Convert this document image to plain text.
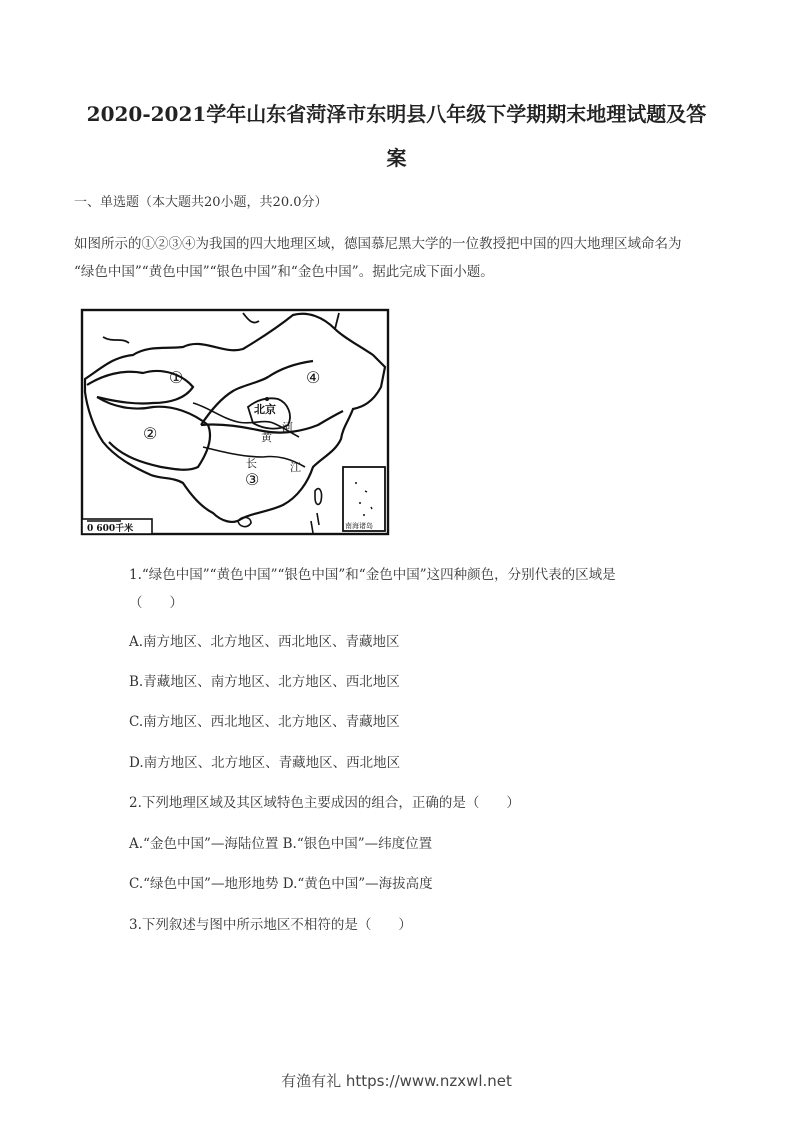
2020-2021学年山东省菏泽市东明县八年级下学期期末地理试题及答
案
一、单选题（本大题共20小题，共20.0分）
如图所示的①②③④为我国的四大地理区域，德国慕尼黑大学的一位教授把中国的四大地理区域命名为
“绿色中国”“黄色中国”“银色中国”和“金色中国”。据此完成下面小题。
0 600千米
①
②
③
④
北京
黄
河
长	江
南海诸岛
1.“绿色中国”“黄色中国”“银色中国”和“金色中国”这四种颜色，分别代表的区域是
（　　）
A.南方地区、北方地区、西北地区、青藏地区
B.青藏地区、南方地区、北方地区、西北地区
C.南方地区、西北地区、北方地区、青藏地区
D.南方地区、北方地区、青藏地区、西北地区
2.下列地理区域及其区域特色主要成因的组合，正确的是（　　）
A.“金色中国”—海陆位置 B.“银色中国”—纬度位置
C.“绿色中国”—地形地势 D.“黄色中国”—海拔高度
3.下列叙述与图中所示地区不相符的是（　　）
有渔有礼 https://www.nzxwl.net
